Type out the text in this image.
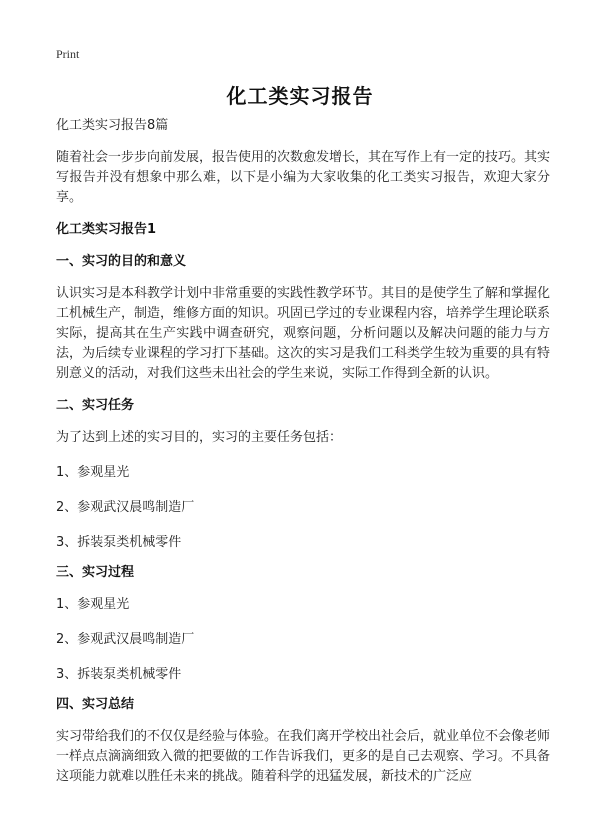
Print
化工类实习报告

化工类实习报告8篇

随着社会一步步向前发展，报告使用的次数愈发增长，其在写作上有一定的技巧。其实写报告并没有想象中那么难，以下是小编为大家收集的化工类实习报告，欢迎大家分享。

化工类实习报告1

一、实习的目的和意义

认识实习是本科教学计划中非常重要的实践性教学环节。其目的是使学生了解和掌握化工机械生产，制造，维修方面的知识。巩固已学过的专业课程内容，培养学生理论联系实际，提高其在生产实践中调查研究，观察问题，分析问题以及解决问题的能力与方法，为后续专业课程的学习打下基础。这次的实习是我们工科类学生较为重要的具有特别意义的活动，对我们这些未出社会的学生来说，实际工作得到全新的认识。

二、实习任务

为了达到上述的实习目的，实习的主要任务包括：

1、参观星光

2、参观武汉晨鸣制造厂

3、拆装泵类机械零件

三、实习过程

1、参观星光

2、参观武汉晨鸣制造厂

3、拆装泵类机械零件

四、实习总结

实习带给我们的不仅仅是经验与体验。在我们离开学校出社会后，就业单位不会像老师一样点点滴滴细致入微的把要做的工作告诉我们，更多的是自己去观察、学习。不具备这项能力就难以胜任未来的挑战。随着科学的迅猛发展，新技术的广泛应
